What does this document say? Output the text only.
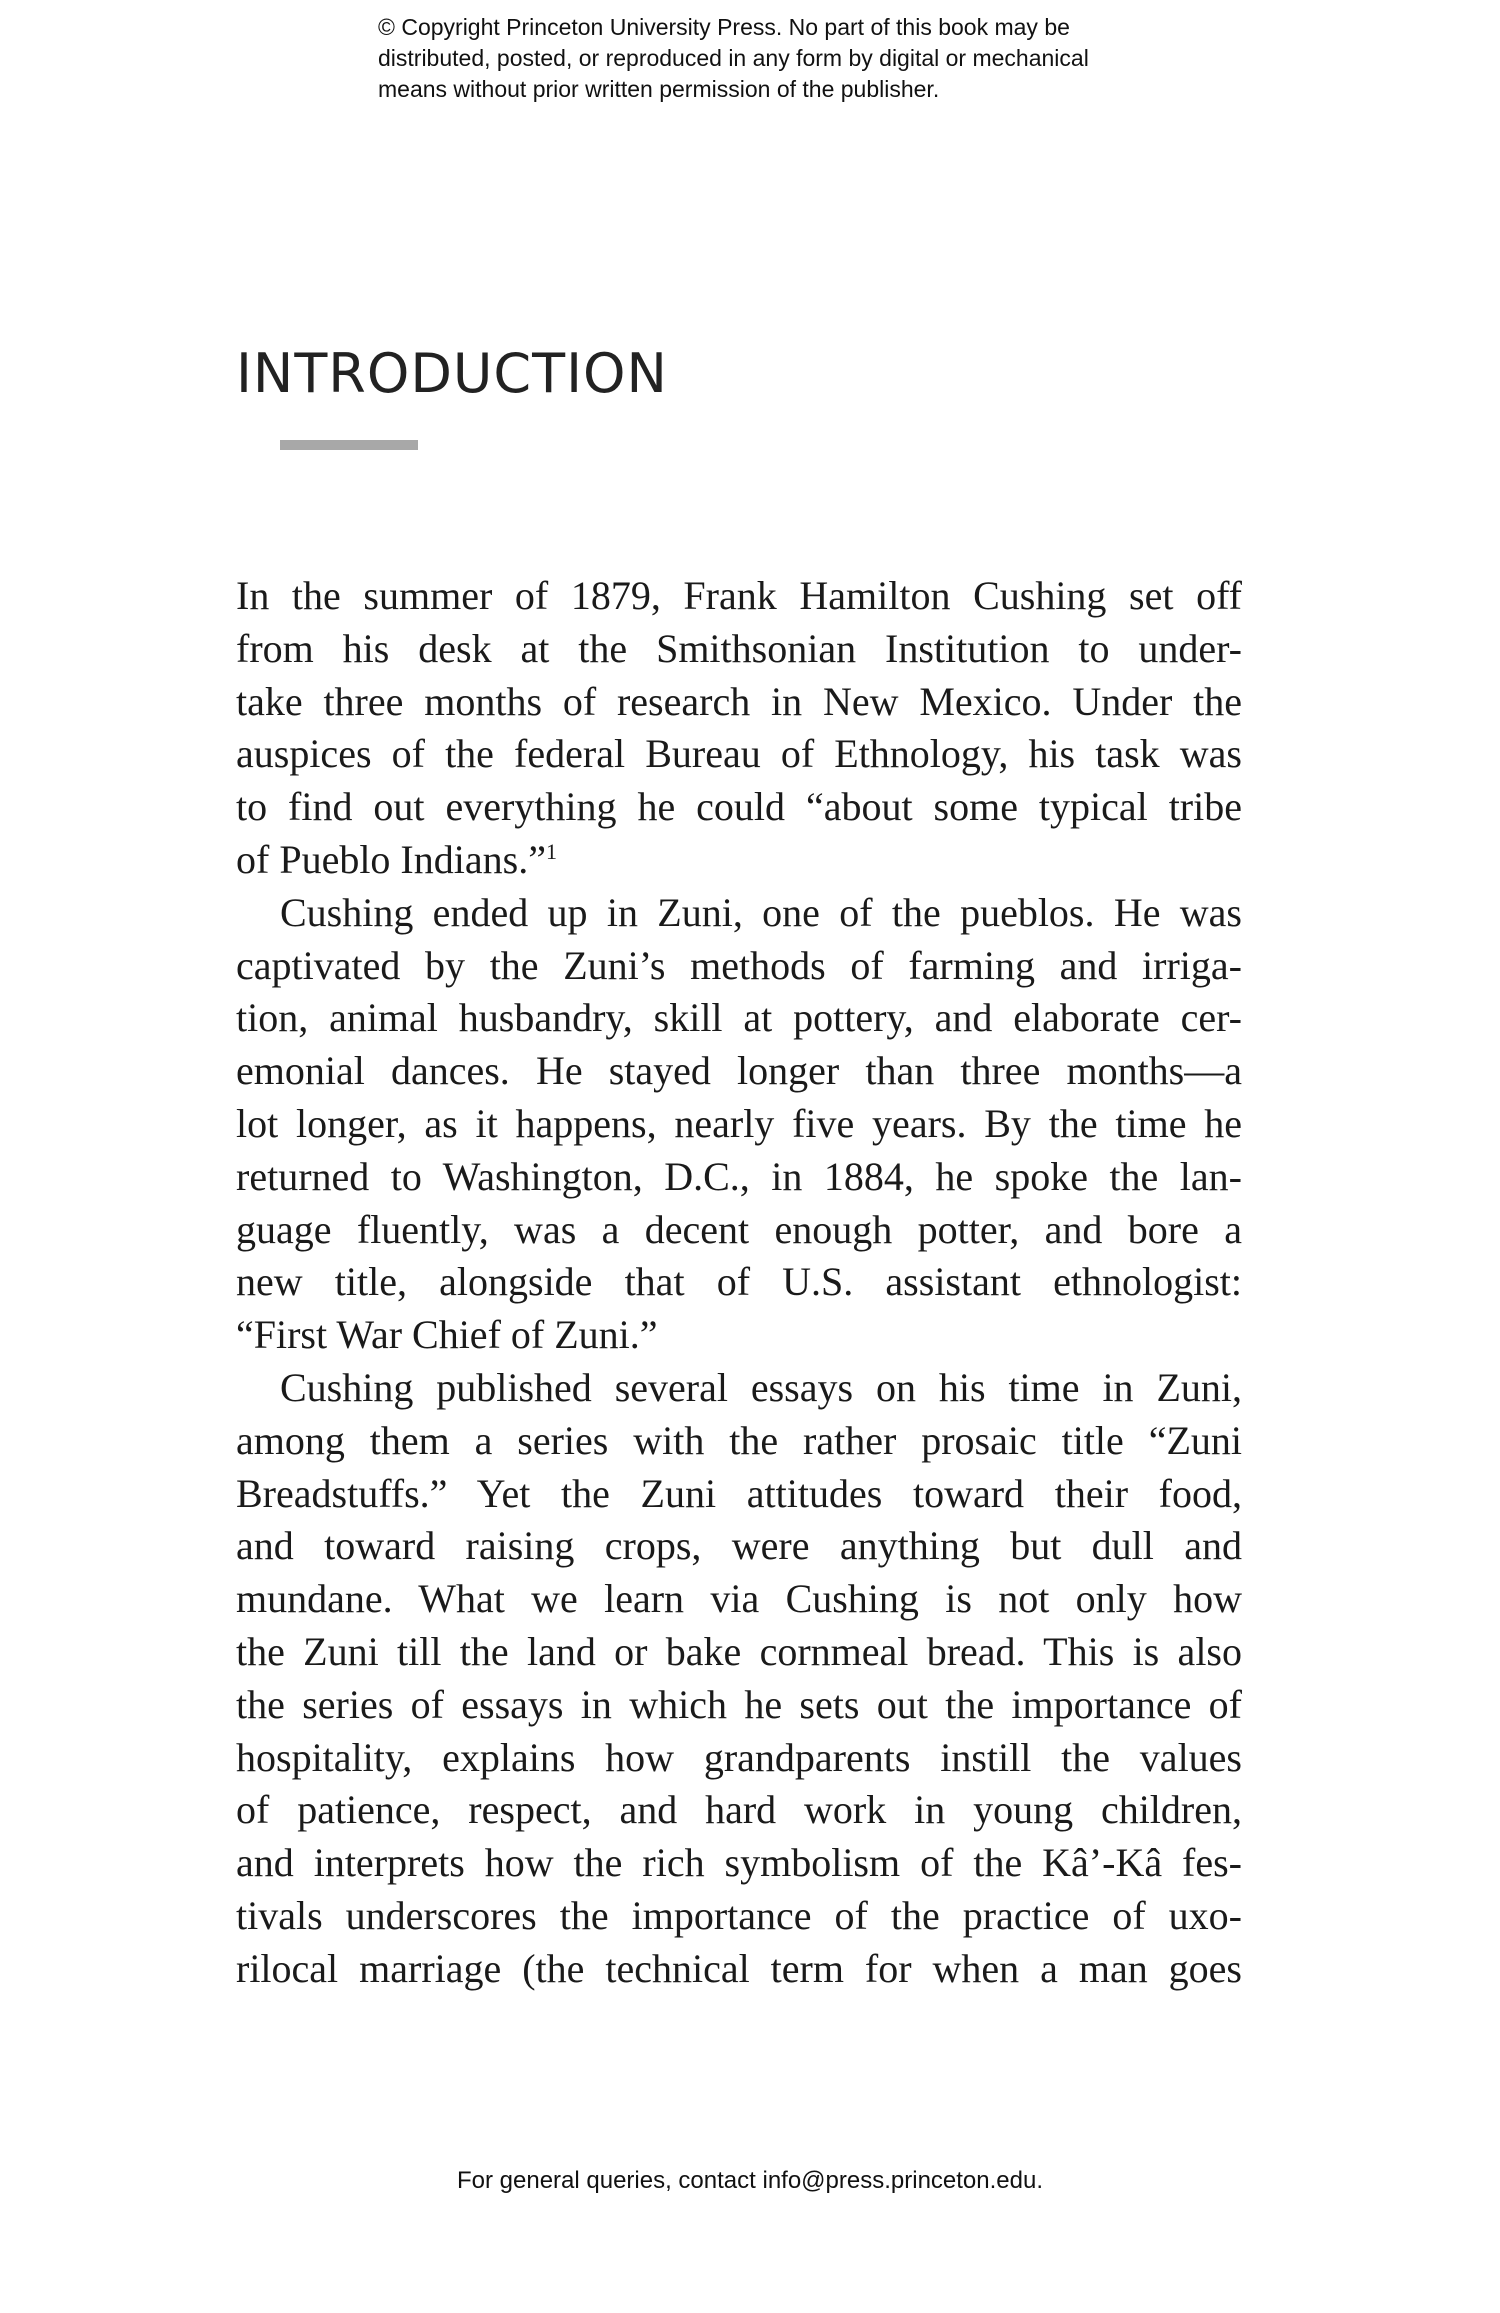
© Copyright Princeton University Press. No part of this book may be
distributed, posted, or reproduced in any form by digital or mechanical
means without prior written permission of the publisher.
INTRODUCTION
In the summer of 1879, Frank Hamilton Cushing set off
from his desk at the Smithsonian Institution to under-
take three months of research in New Mexico. Under the
auspices of the federal Bureau of Ethnology, his task was
to find out everything he could “about some typical tribe
of Pueblo Indians.”$^1$
Cushing ended up in Zuni, one of the pueblos. He was
captivated by the Zuni’s methods of farming and irriga-
tion, animal husbandry, skill at pottery, and elaborate cer-
emonial dances. He stayed longer than three months—a
lot longer, as it happens, nearly five years. By the time he
returned to Washington, D.C., in 1884, he spoke the lan-
guage fluently, was a decent enough potter, and bore a
new title, alongside that of U.S. assistant ethnologist:
“First War Chief of Zuni.”
Cushing published several essays on his time in Zuni,
among them a series with the rather prosaic title “Zuni
Breadstuffs.” Yet the Zuni attitudes toward their food,
and toward raising crops, were anything but dull and
mundane. What we learn via Cushing is not only how
the Zuni till the land or bake cornmeal bread. This is also
the series of essays in which he sets out the importance of
hospitality, explains how grandparents instill the values
of patience, respect, and hard work in young children,
and interprets how the rich symbolism of the Kâ’-Kâ fes-
tivals underscores the importance of the practice of uxo-
rilocal marriage (the technical term for when a man goes
For general queries, contact info@press.princeton.edu.
